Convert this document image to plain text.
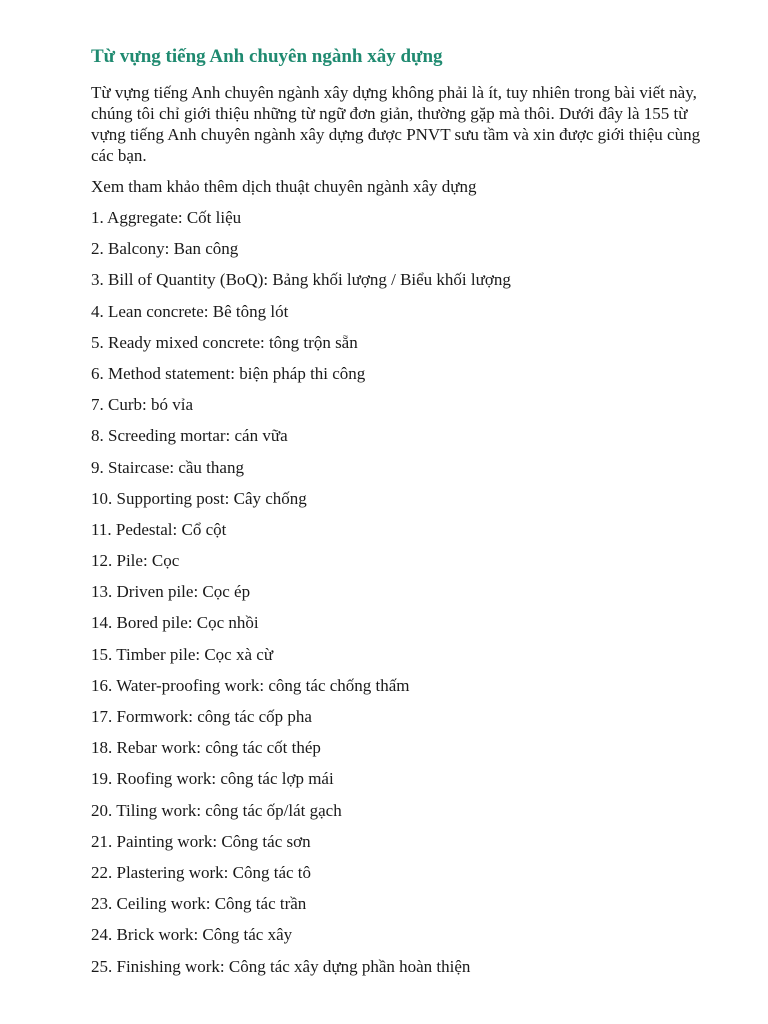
Từ vựng tiếng Anh chuyên ngành xây dựng

Từ vựng tiếng Anh chuyên ngành xây dựng không phải là ít, tuy nhiên trong bài viết này, chúng tôi chỉ giới thiệu những từ ngữ đơn giản, thường gặp mà thôi. Dưới đây là 155 từ vựng tiếng Anh chuyên ngành xây dựng được PNVT sưu tầm và xin được giới thiệu cùng các bạn.

Xem tham khảo thêm dịch thuật chuyên ngành xây dựng

1. Aggregate: Cốt liệu
2. Balcony: Ban công
3. Bill of Quantity (BoQ): Bảng khối lượng / Biểu khối lượng
4. Lean concrete: Bê tông lót
5. Ready mixed concrete: tông trộn sẵn
6. Method statement: biện pháp thi công
7. Curb: bó vỉa
8. Screeding mortar: cán vữa
9. Staircase: cầu thang
10. Supporting post: Cây chống
11. Pedestal: Cổ cột
12. Pile: Cọc
13. Driven pile: Cọc ép
14. Bored pile: Cọc nhồi
15. Timber pile: Cọc xà cừ
16. Water-proofing work: công tác chống thấm
17. Formwork: công tác cốp pha
18. Rebar work: công tác cốt thép
19. Roofing work: công tác lợp mái
20. Tiling work: công tác ốp/lát gạch
21. Painting work: Công tác sơn
22. Plastering work: Công tác tô
23. Ceiling work: Công tác trần
24. Brick work: Công tác xây
25. Finishing work: Công tác xây dựng phần hoàn thiện
